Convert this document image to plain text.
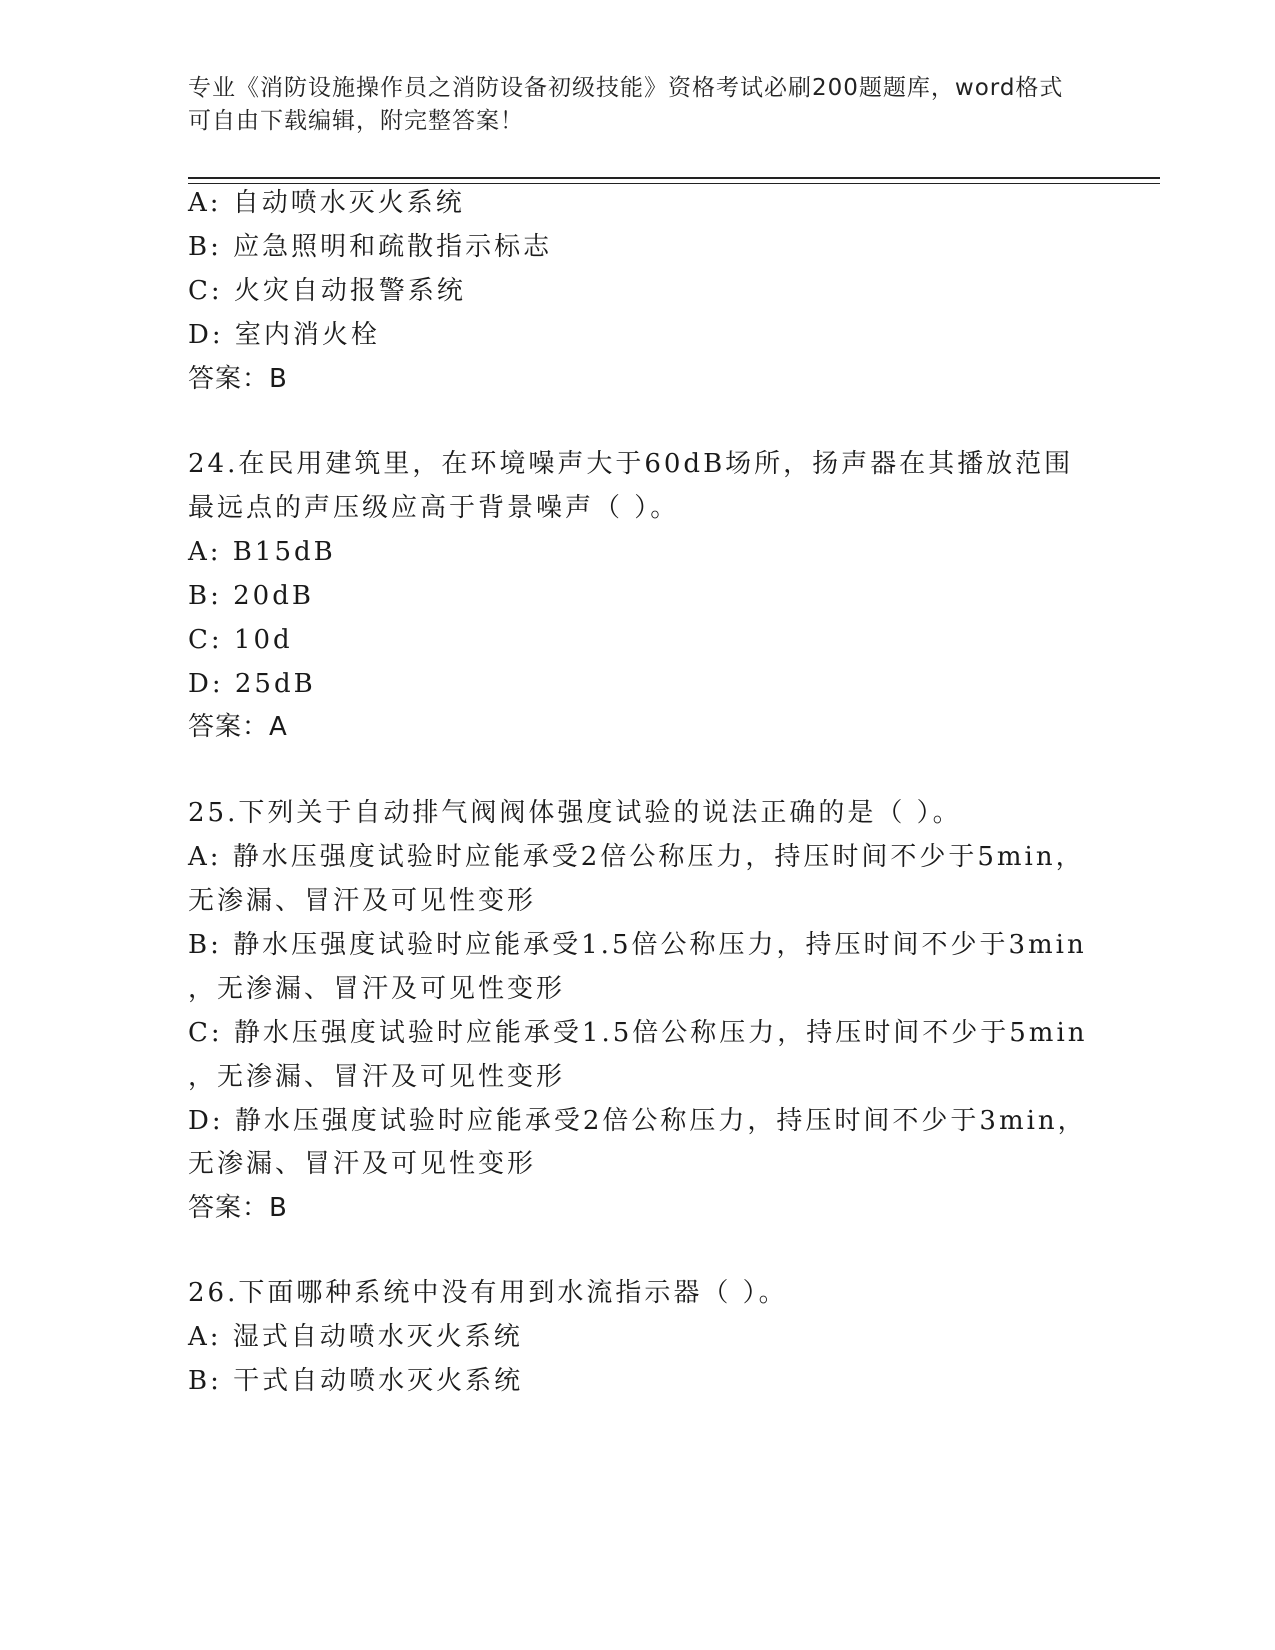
专业《消防设施操作员之消防设备初级技能》资格考试必刷200题题库，word格式可自由下载编辑，附完整答案！
A: 自动喷水灭火系统
B: 应急照明和疏散指示标志
C: 火灾自动报警系统
D: 室内消火栓
答案：B
24.在民用建筑里，在环境噪声大于60dB场所，扬声器在其播放范围
最远点的声压级应高于背景噪声（ ）。
A: B15dB
B: 20dB
C: 10d
D: 25dB
答案：A
25.下列关于自动排气阀阀体强度试验的说法正确的是（ ）。
A: 静水压强度试验时应能承受2倍公称压力，持压时间不少于5min，
无渗漏、冒汗及可见性变形
B: 静水压强度试验时应能承受1.5倍公称压力，持压时间不少于3min
，无渗漏、冒汗及可见性变形
C: 静水压强度试验时应能承受1.5倍公称压力，持压时间不少于5min
，无渗漏、冒汗及可见性变形
D: 静水压强度试验时应能承受2倍公称压力，持压时间不少于3min，
无渗漏、冒汗及可见性变形
答案：B
26.下面哪种系统中没有用到水流指示器（ ）。
A: 湿式自动喷水灭火系统
B: 干式自动喷水灭火系统
